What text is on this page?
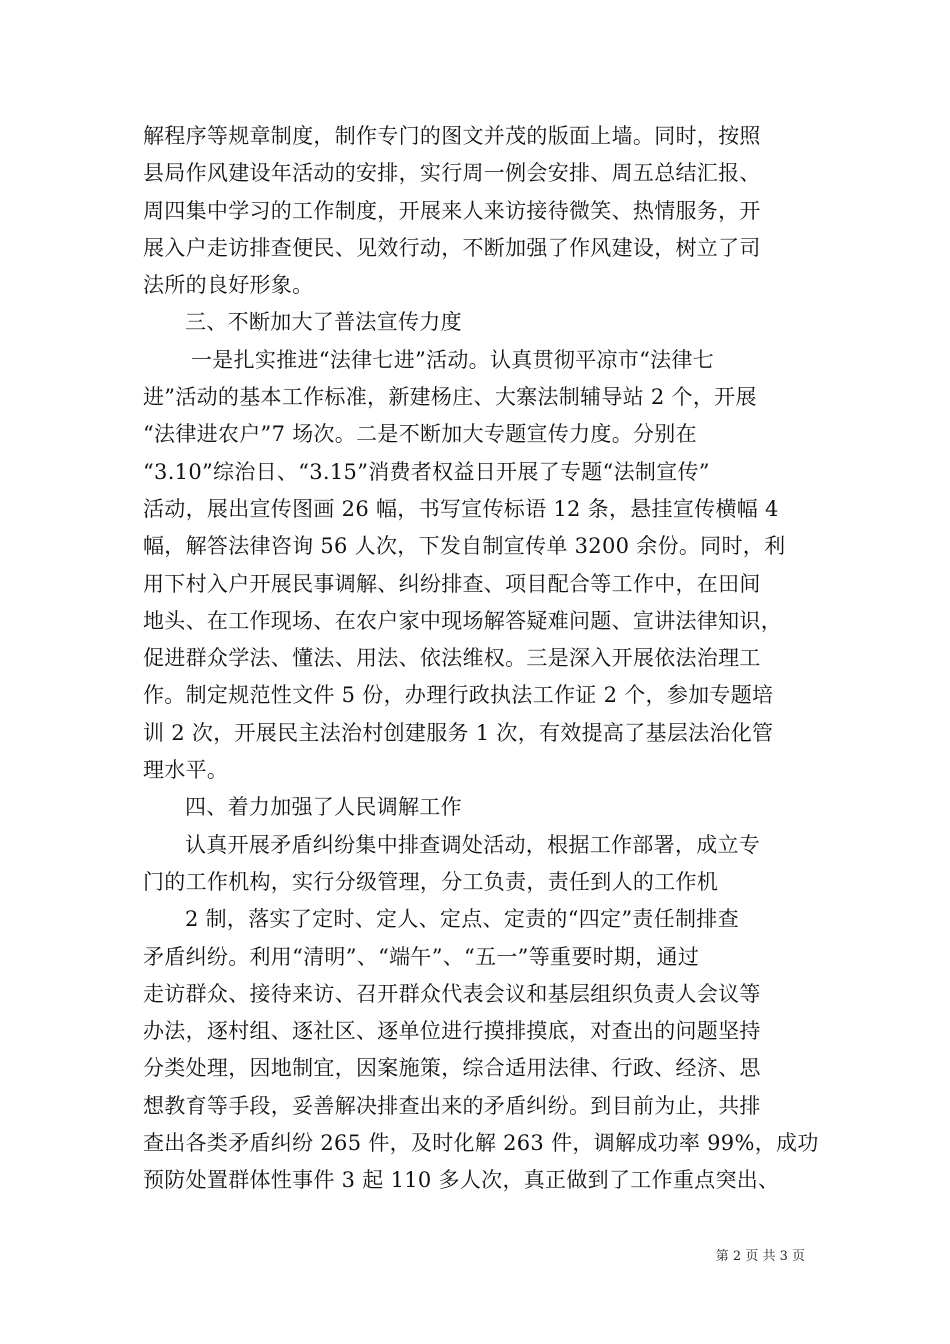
解程序等规章制度，制作专门的图文并茂的版面上墙。同时，按照
县局作风建设年活动的安排，实行周一例会安排、周五总结汇报、
周四集中学习的工作制度，开展来人来访接待微笑、热情服务，开
展入户走访排查便民、见效行动，不断加强了作风建设，树立了司
法所的良好形象。
三、不断加大了普法宣传力度
一是扎实推进“法律七进”活动。认真贯彻平凉市“法律七
进”活动的基本工作标准，新建杨庄、大寨法制辅导站 2 个，开展
“法律进农户”7 场次。二是不断加大专题宣传力度。分别在
“3.10”综治日、“3.15”消费者权益日开展了专题“法制宣传”
活动，展出宣传图画 26 幅，书写宣传标语 12 条，悬挂宣传横幅 4
幅，解答法律咨询 56 人次，下发自制宣传单 3200 余份。同时，利
用下村入户开展民事调解、纠纷排查、项目配合等工作中，在田间
地头、在工作现场、在农户家中现场解答疑难问题、宣讲法律知识，
促进群众学法、懂法、用法、依法维权。三是深入开展依法治理工
作。制定规范性文件 5 份，办理行政执法工作证 2 个，参加专题培
训 2 次，开展民主法治村创建服务 1 次，有效提高了基层法治化管
理水平。
四、着力加强了人民调解工作
认真开展矛盾纠纷集中排查调处活动，根据工作部署，成立专
门的工作机构，实行分级管理，分工负责，责任到人的工作机
2 制，落实了定时、定人、定点、定责的“四定”责任制排查
矛盾纠纷。利用“清明”、“端午”、“五一”等重要时期，通过
走访群众、接待来访、召开群众代表会议和基层组织负责人会议等
办法，逐村组、逐社区、逐单位进行摸排摸底，对查出的问题坚持
分类处理，因地制宜，因案施策，综合适用法律、行政、经济、思
想教育等手段，妥善解决排查出来的矛盾纠纷。到目前为止，共排
查出各类矛盾纠纷 265 件，及时化解 263 件，调解成功率 99%，成功
预防处置群体性事件 3 起 110 多人次，真正做到了工作重点突出、
第 2 页 共 3 页
